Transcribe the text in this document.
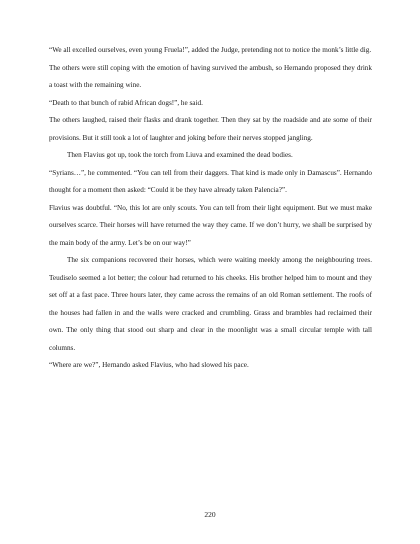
“We all excelled ourselves, even young Fruela!”, added the Judge, pretending not to notice the monk’s little dig.

The others were still coping with the emotion of having survived the ambush, so Hernando proposed they drink a toast with the remaining wine.

“Death to that bunch of rabid African dogs!”, he said.

The others laughed, raised their flasks and drank together. Then they sat by the roadside and ate some of their provisions. But it still took a lot of laughter and joking before their nerves stopped jangling.

Then Flavius got up, took the torch from Liuva and examined the dead bodies.

“Syrians…”, he commented. “You can tell from their daggers. That kind is made only in Damascus”. Hernando thought for a moment then asked: “Could it be they have already taken Palencia?”.

Flavius was doubtful. “No, this lot are only scouts. You can tell from their light equipment. But we must make ourselves scarce. Their horses will have returned the way they came. If we don’t hurry, we shall be surprised by the main body of the army. Let’s be on our way!”

The six companions recovered their horses, which were waiting meekly among the neighbouring trees. Teudiselo seemed a lot better; the colour had returned to his cheeks. His brother helped him to mount and they set off at a fast pace. Three hours later, they came across the remains of an old Roman settlement. The roofs of the houses had fallen in and the walls were cracked and crumbling. Grass and brambles had reclaimed their own. The only thing that stood out sharp and clear in the moonlight was a small circular temple with tall columns.

“Where are we?”, Hernando asked Flavius, who had slowed his pace.

220
